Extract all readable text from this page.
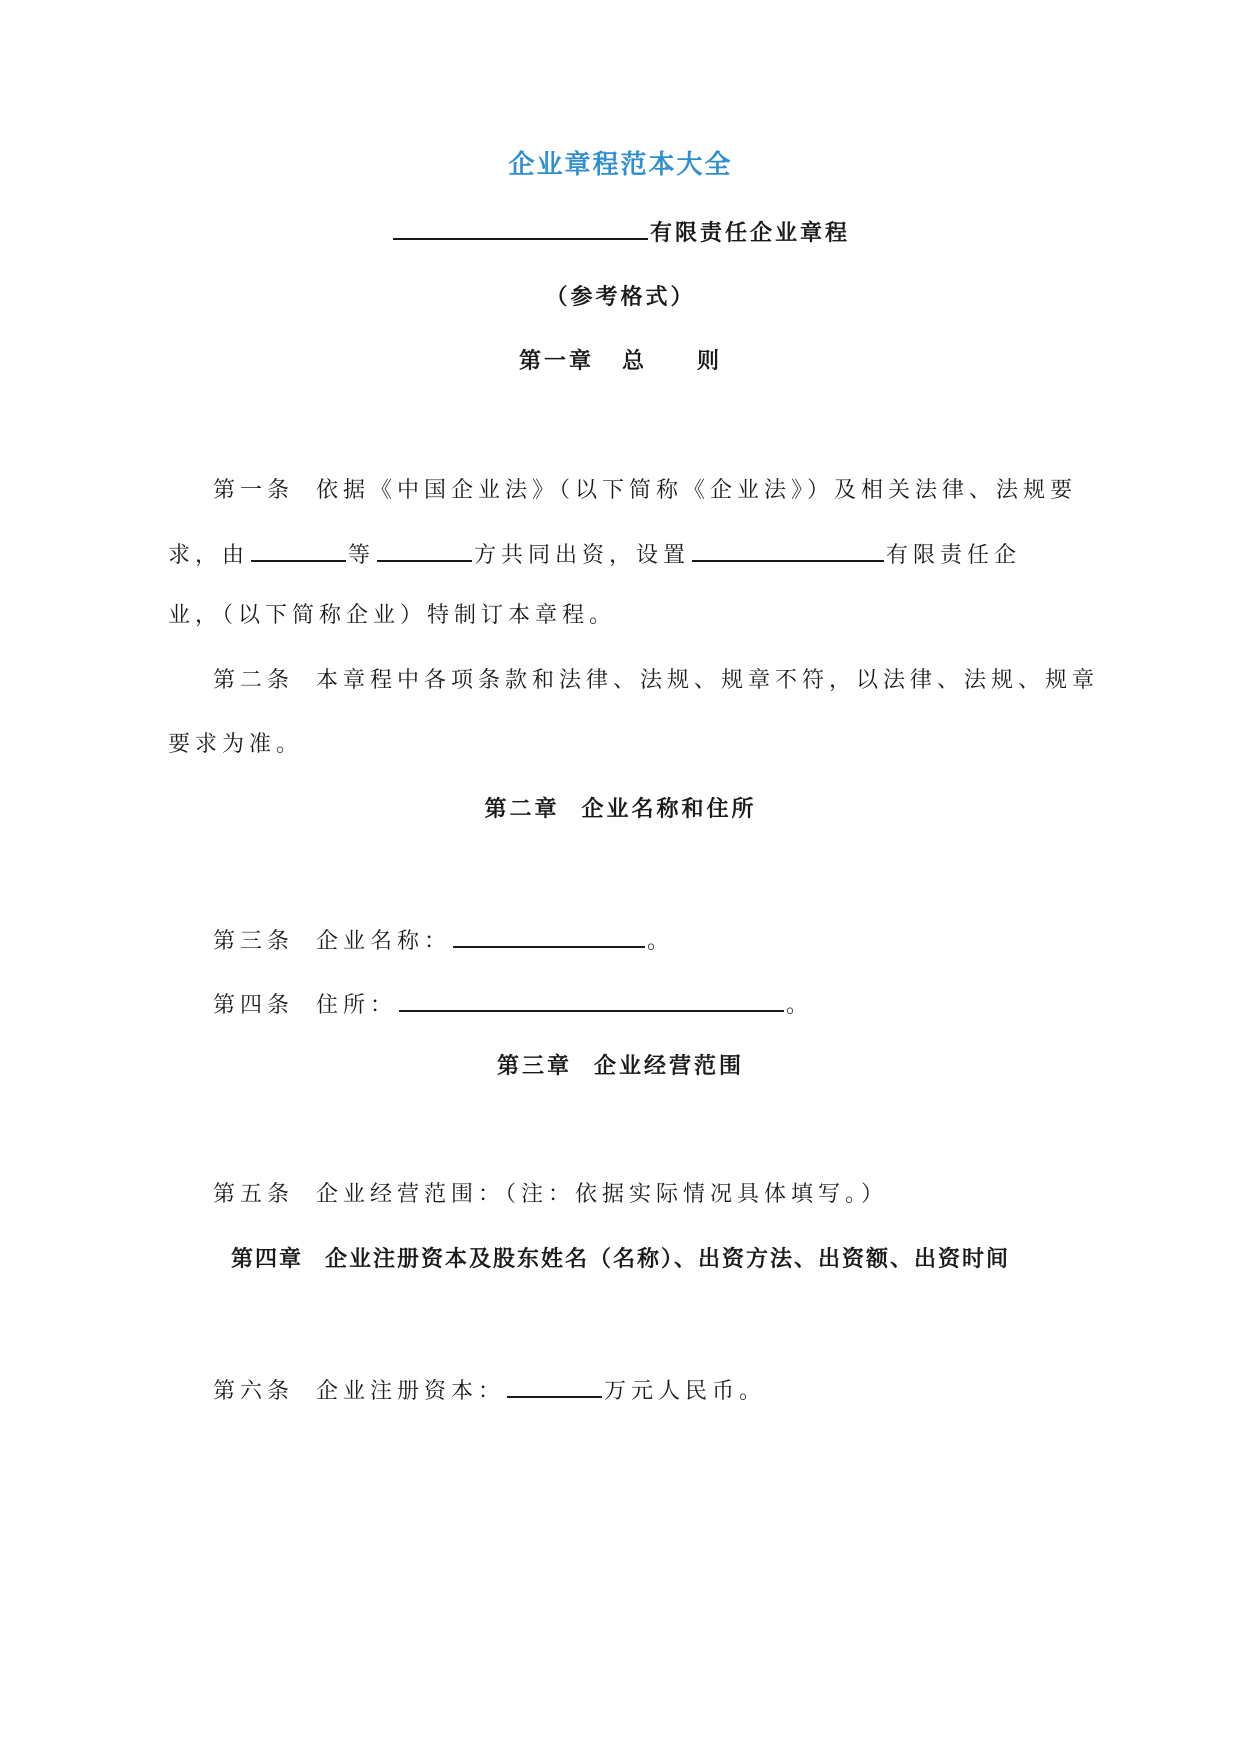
企业章程范本大全
有限责任企业章程
（参考格式）
第一章 总　　则
第一条 依据《中国企业法》（以下简称《企业法》）及相关法律、法规要
求，由	等	方共同出资，设置	有限责任企
业，（以下简称企业）特制订本章程。
第二条 本章程中各项条款和法律、法规、规章不符，以法律、法规、规章
要求为准。
第二章 企业名称和住所
第三条 企业名称：	。
第四条 住所：	。
第三章 企业经营范围
第五条 企业经营范围：（注：依据实际情况具体填写。）
第四章 企业注册资本及股东姓名（名称）、出资方法、出资额、出资时间
第六条 企业注册资本：	万元人民币。
